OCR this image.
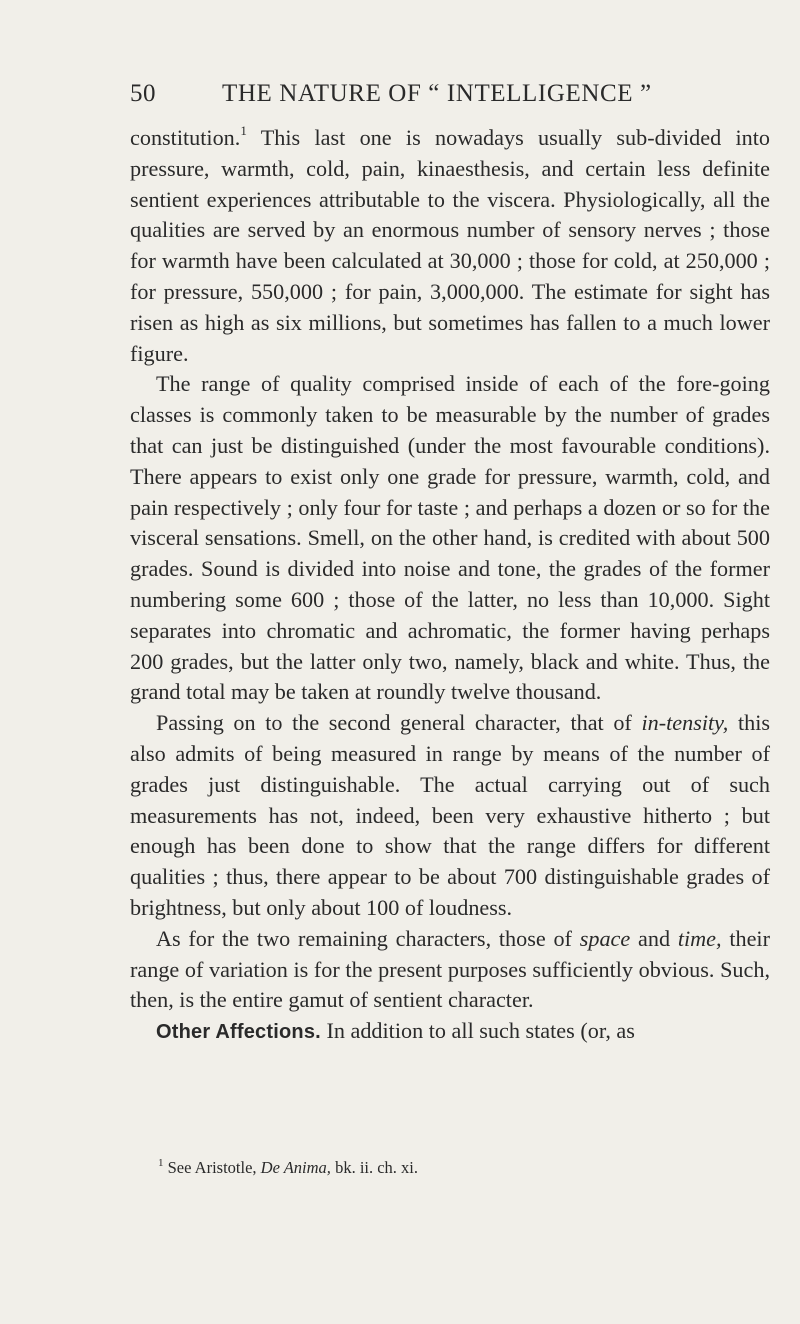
50	THE NATURE OF “ INTELLIGENCE ”

constitution.$^1$ This last one is nowadays usually sub-divided into pressure, warmth, cold, pain, kinaesthesis, and certain less definite sentient experiences attributable to the viscera. Physiologically, all the qualities are served by an enormous number of sensory nerves ; those for warmth have been calculated at 30,000 ; those for cold, at 250,000 ; for pressure, 550,000 ; for pain, 3,000,000. The estimate for sight has risen as high as six millions, but sometimes has fallen to a much lower figure.

The range of quality comprised inside of each of the fore-going classes is commonly taken to be measurable by the number of grades that can just be distinguished (under the most favourable conditions). There appears to exist only one grade for pressure, warmth, cold, and pain respectively ; only four for taste ; and perhaps a dozen or so for the visceral sensations. Smell, on the other hand, is credited with about 500 grades. Sound is divided into noise and tone, the grades of the former numbering some 600 ; those of the latter, no less than 10,000. Sight separates into chromatic and achromatic, the former having perhaps 200 grades, but the latter only two, namely, black and white. Thus, the grand total may be taken at roundly twelve thousand.

Passing on to the second general character, that of in-tensity, this also admits of being measured in range by means of the number of grades just distinguishable. The actual carrying out of such measurements has not, indeed, been very exhaustive hitherto ; but enough has been done to show that the range differs for different qualities ; thus, there appear to be about 700 distinguishable grades of brightness, but only about 100 of loudness.

As for the two remaining characters, those of space and time, their range of variation is for the present purposes sufficiently obvious. Such, then, is the entire gamut of sentient character.

Other Affections. In addition to all such states (or, as

$^1$ See Aristotle, De Anima, bk. ii. ch. xi.
